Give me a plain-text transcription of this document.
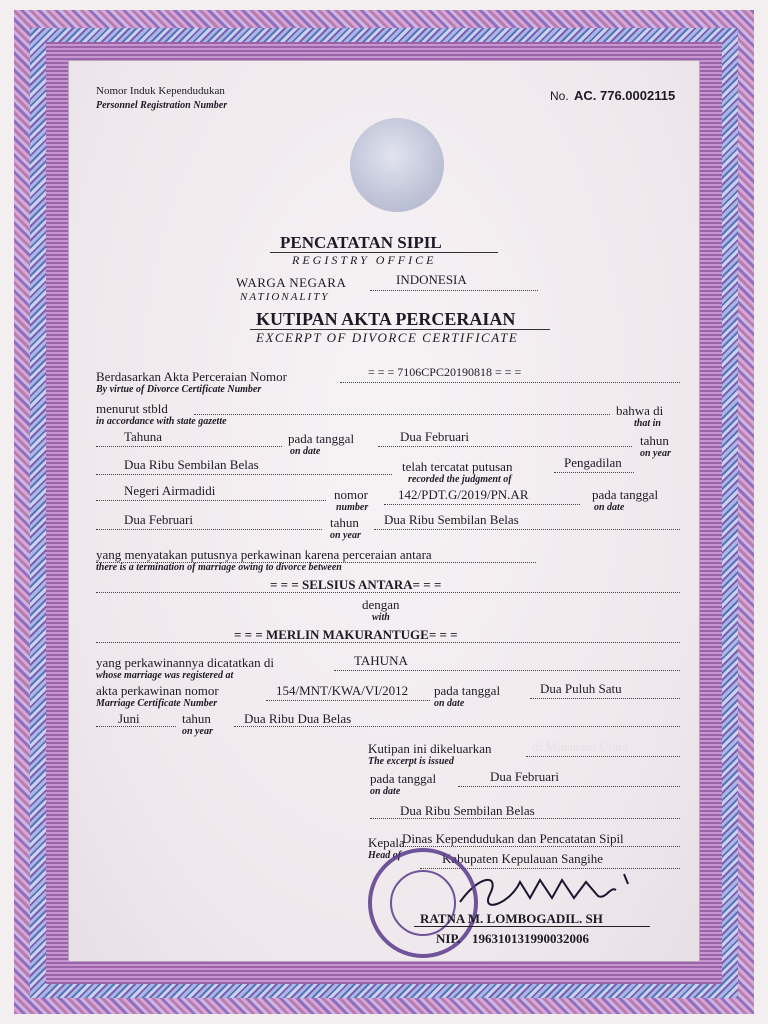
Nomor Induk Kependudukan
Personnel Registration Number
No. AC. 776.0002115
PENCATATAN SIPIL
REGISTRY OFFICE
WARGA NEGARA
NATIONALITY
INDONESIA
KUTIPAN AKTA PERCERAIAN
EXCERPT OF DIVORCE CERTIFICATE
Berdasarkan Akta Perceraian Nomor
By virtue of Divorce Certificate Number
= = = 7106CPC20190818 = = =
menurut stbld
in accordance with state gazette
bahwa di
that in
Tahuna	pada tanggal
on date
Dua Februari	tahun
on year
Dua Ribu Sembilan Belas	telah tercatat putusan
recorded the judgment of
Pengadilan
Negeri Airmadidi	nomor
number
142/PDT.G/2019/PN.AR	pada tanggal
on date
Dua Februari	tahun
on year
Dua Ribu Sembilan Belas
yang menyatakan putusnya perkawinan karena perceraian antara
there is a termination of marriage owing to divorce between
= = = SELSIUS ANTARA= = =
dengan
with
= = = MERLIN MAKURANTUGE= = =
yang perkawinannya dicatatkan di
whose marriage was registered at
TAHUNA
akta perkawinan nomor
Marriage Certificate Number
154/MNT/KWA/VI/2012 pada tanggal
on date
Dua Puluh Satu
Juni	tahun
on year
Dua Ribu Dua Belas
Kutipan ini dikeluarkan
The excerpt is issued
di Minahasa Utara
pada tanggal
on date
Dua Februari
Dua Ribu Sembilan Belas
Kepala
Head of
Dinas Kependudukan dan Pencatatan Sipil
Kabupaten Kepulauan Sangihe
RATNA M. LOMBOGADIL. SH
NIP. 196310131990032006
